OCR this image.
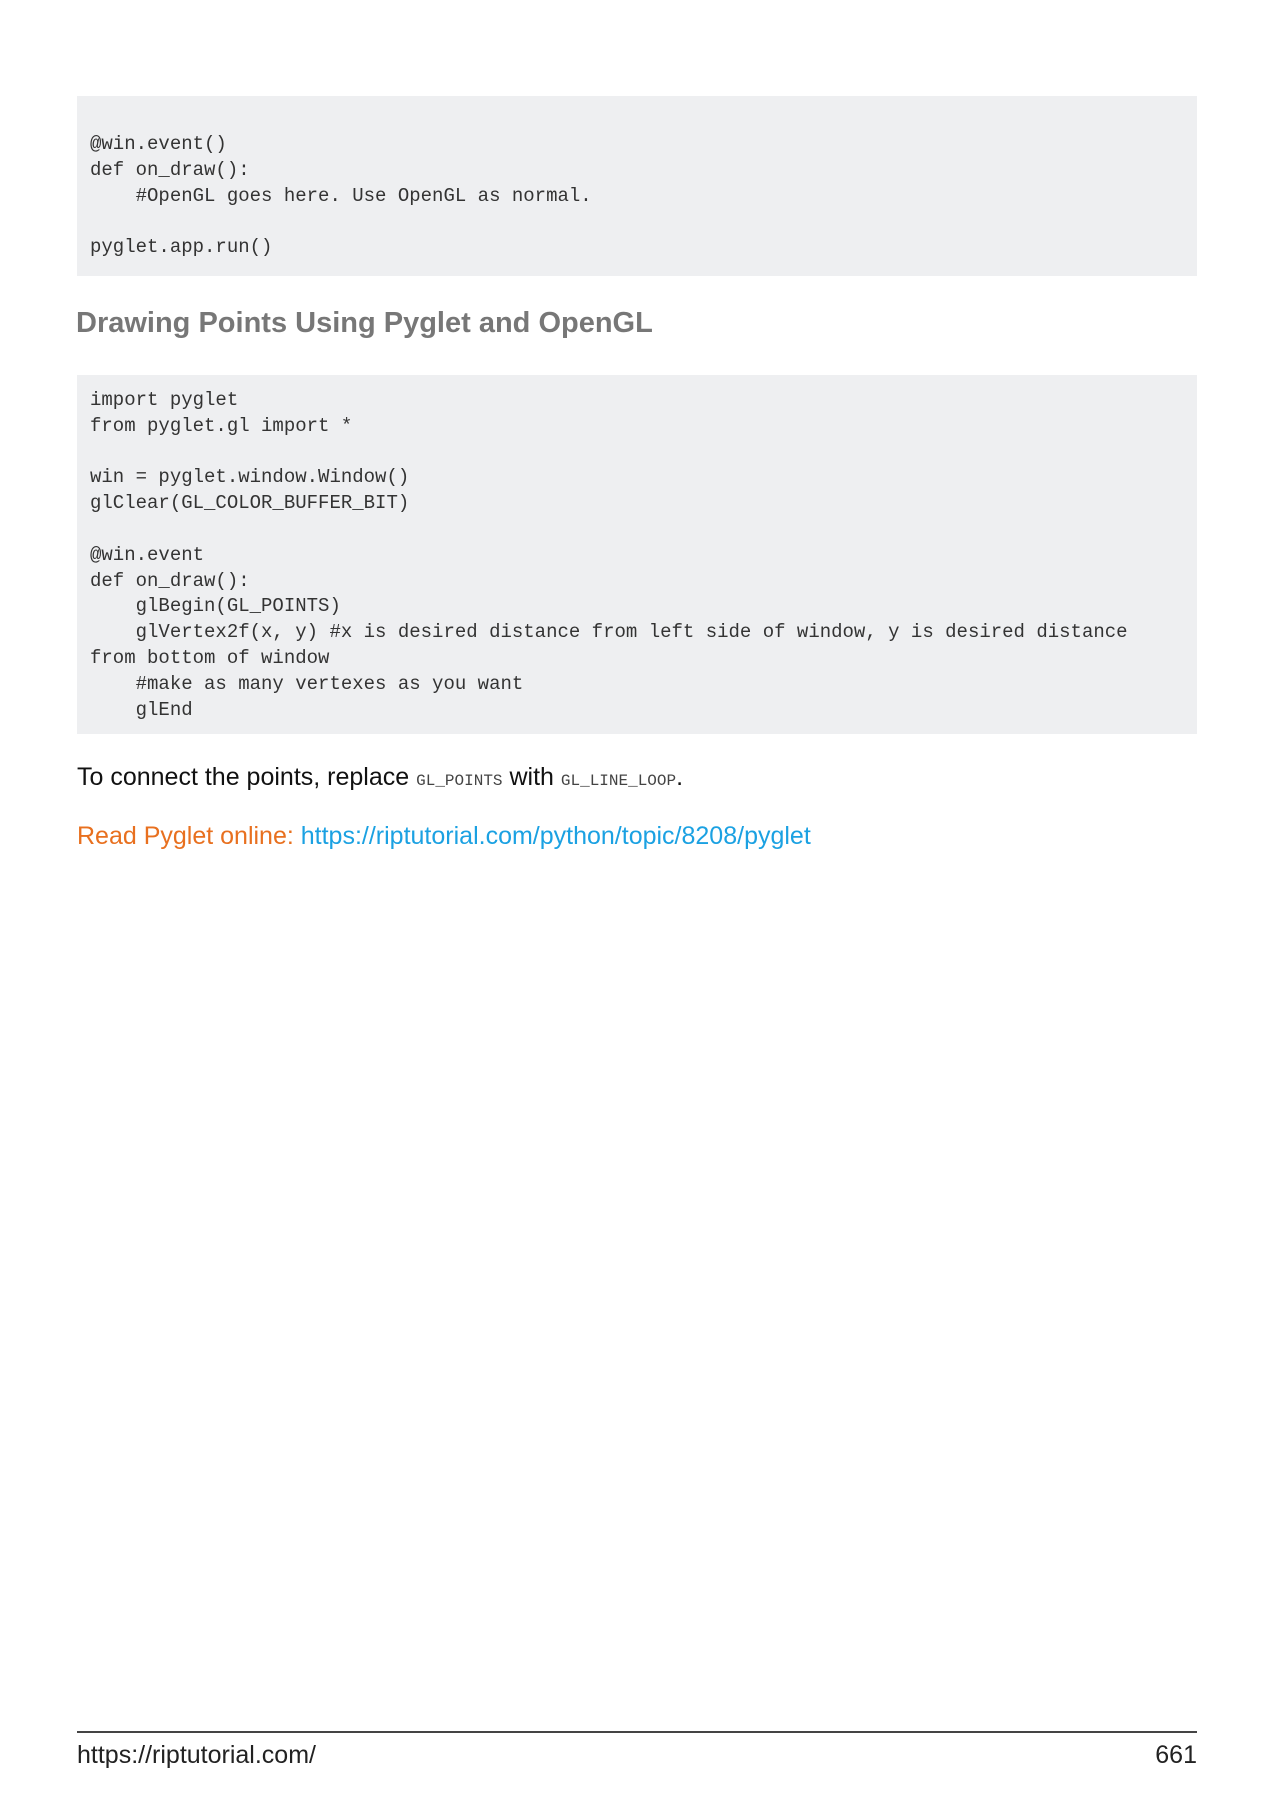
@win.event()
def on_draw():
#OpenGL goes here. Use OpenGL as normal.
pyglet.app.run()
Drawing Points Using Pyglet and OpenGL
import pyglet
from pyglet.gl import *
win = pyglet.window.Window()
glClear(GL_COLOR_BUFFER_BIT)
@win.event
def on_draw():
glBegin(GL_POINTS)
glVertex2f(x, y) #x is desired distance from left side of window, y is desired distance from bottom of window
#make as many vertexes as you want
glEnd

To connect the points, replace GL_POINTS with GL_LINE_LOOP.

Read Pyglet online: https://riptutorial.com/python/topic/8208/pyglet

https://riptutorial.com/	661
